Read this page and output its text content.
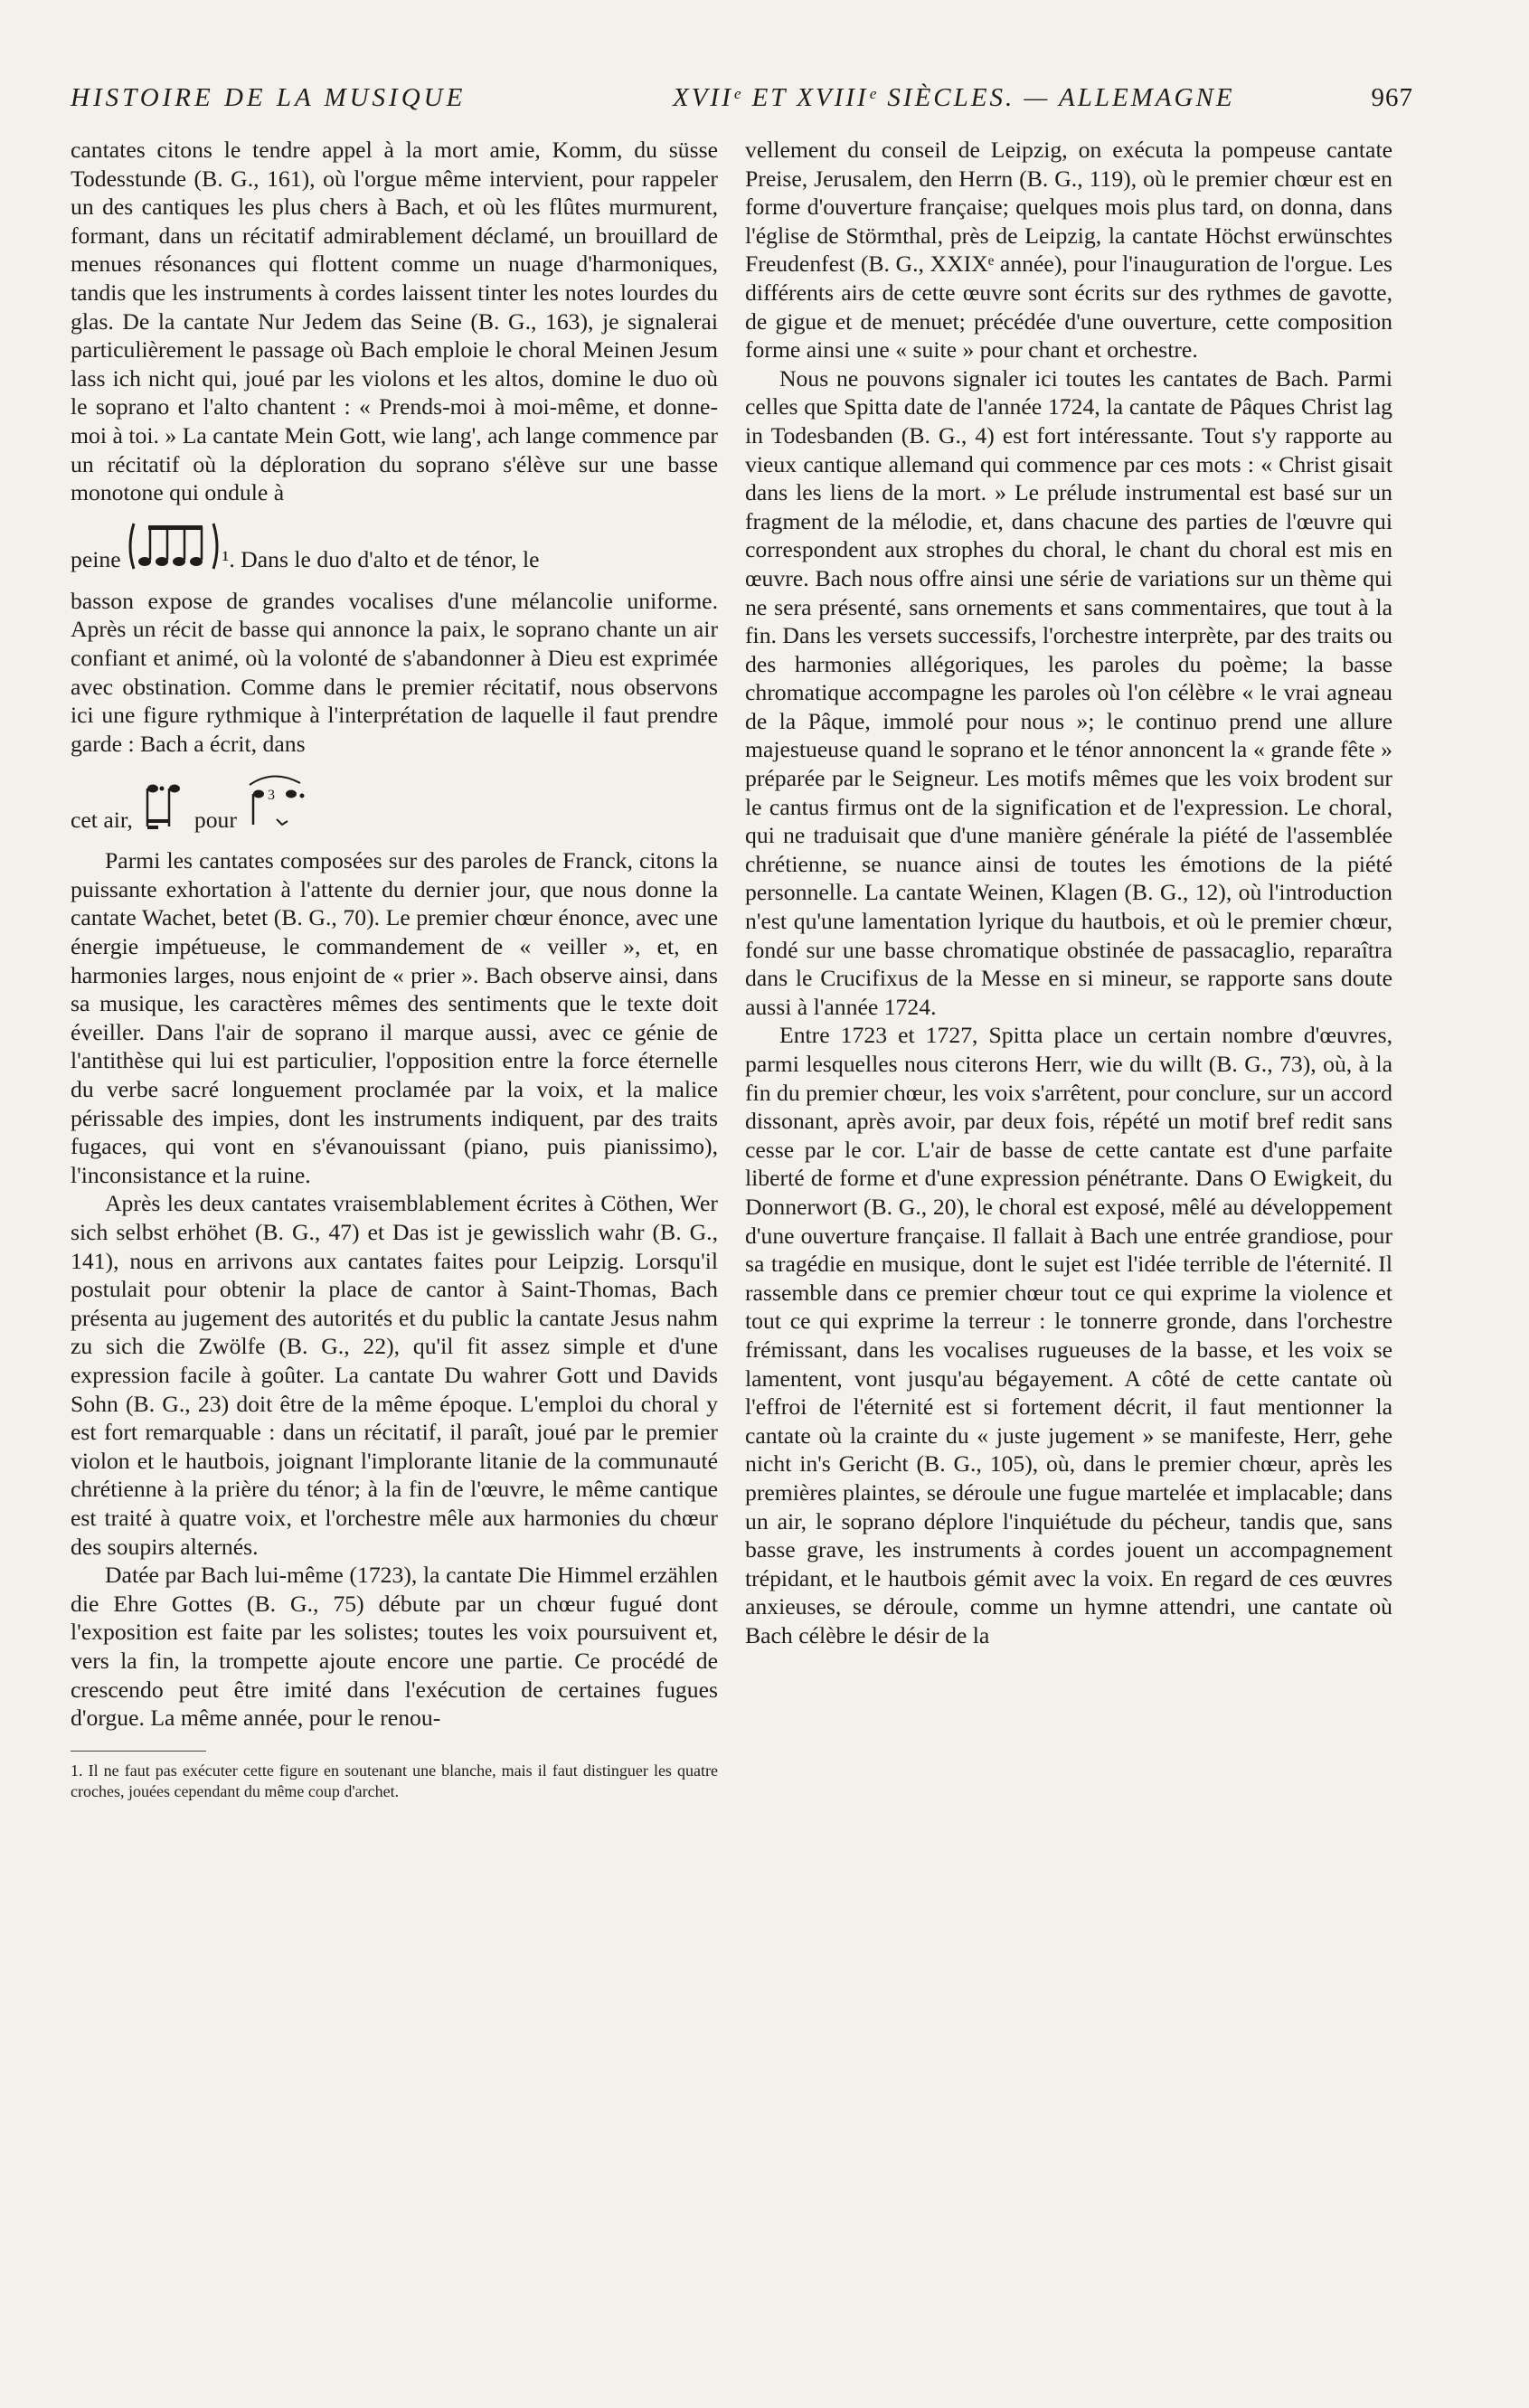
HISTOIRE DE LA MUSIQUE	XVIIᵉ ET XVIIIᵉ SIÈCLES. — ALLEMAGNE	967

cantates citons le tendre appel à la mort amie, Komm, du süsse Todesstunde (B. G., 161), où l'orgue même intervient, pour rappeler un des cantiques les plus chers à Bach, et où les flûtes murmurent, formant, dans un récitatif admirablement déclamé, un brouillard de menues résonances qui flottent comme un nuage d'harmoniques, tandis que les instruments à cordes laissent tinter les notes lourdes du glas. De la cantate Nur Jedem das Seine (B. G., 163), je signalerai particulièrement le passage où Bach emploie le choral Meinen Jesum lass ich nicht qui, joué par les violons et les altos, domine le duo où le soprano et l'alto chantent : « Prends-moi à moi-même, et donne-moi à toi. » La cantate Mein Gott, wie lang', ach lange commence par un récitatif où la déploration du soprano s'élève sur une basse monotone qui ondule à

peine	¹. Dans le duo d'alto et de ténor, le

basson expose de grandes vocalises d'une mélancolie uniforme. Après un récit de basse qui annonce la paix, le soprano chante un air confiant et animé, où la volonté de s'abandonner à Dieu est exprimée avec obstination. Comme dans le premier récitatif, nous observons ici une figure rythmique à l'interprétation de laquelle il faut prendre garde : Bach a écrit, dans

cet air,	pour
3

Parmi les cantates composées sur des paroles de Franck, citons la puissante exhortation à l'attente du dernier jour, que nous donne la cantate Wachet, betet (B. G., 70). Le premier chœur énonce, avec une énergie impétueuse, le commandement de « veiller », et, en harmonies larges, nous enjoint de « prier ». Bach observe ainsi, dans sa musique, les caractères mêmes des sentiments que le texte doit éveiller. Dans l'air de soprano il marque aussi, avec ce génie de l'antithèse qui lui est particulier, l'opposition entre la force éternelle du verbe sacré longuement proclamée par la voix, et la malice périssable des impies, dont les instruments indiquent, par des traits fugaces, qui vont en s'évanouissant (piano, puis pianissimo), l'inconsistance et la ruine.

Après les deux cantates vraisemblablement écrites à Cöthen, Wer sich selbst erhöhet (B. G., 47) et Das ist je gewisslich wahr (B. G., 141), nous en arrivons aux cantates faites pour Leipzig. Lorsqu'il postulait pour obtenir la place de cantor à Saint-Thomas, Bach présenta au jugement des autorités et du public la cantate Jesus nahm zu sich die Zwölfe (B. G., 22), qu'il fit assez simple et d'une expression facile à goûter. La cantate Du wahrer Gott und Davids Sohn (B. G., 23) doit être de la même époque. L'emploi du choral y est fort remarquable : dans un récitatif, il paraît, joué par le premier violon et le hautbois, joignant l'implorante litanie de la communauté chrétienne à la prière du ténor; à la fin de l'œuvre, le même cantique est traité à quatre voix, et l'orchestre mêle aux harmonies du chœur des soupirs alternés.

Datée par Bach lui-même (1723), la cantate Die Himmel erzählen die Ehre Gottes (B. G., 75) débute par un chœur fugué dont l'exposition est faite par les solistes; toutes les voix poursuivent et, vers la fin, la trompette ajoute encore une partie. Ce procédé de crescendo peut être imité dans l'exécution de certaines fugues d'orgue. La même année, pour le renou-

1. Il ne faut pas exécuter cette figure en soutenant une blanche, mais il faut distinguer les quatre croches, jouées cependant du même coup d'archet.

vellement du conseil de Leipzig, on exécuta la pompeuse cantate Preise, Jerusalem, den Herrn (B. G., 119), où le premier chœur est en forme d'ouverture française; quelques mois plus tard, on donna, dans l'église de Störmthal, près de Leipzig, la cantate Höchst erwünschtes Freudenfest (B. G., XXIXᵉ année), pour l'inauguration de l'orgue. Les différents airs de cette œuvre sont écrits sur des rythmes de gavotte, de gigue et de menuet; précédée d'une ouverture, cette composition forme ainsi une « suite » pour chant et orchestre.

Nous ne pouvons signaler ici toutes les cantates de Bach. Parmi celles que Spitta date de l'année 1724, la cantate de Pâques Christ lag in Todesbanden (B. G., 4) est fort intéressante. Tout s'y rapporte au vieux cantique allemand qui commence par ces mots : « Christ gisait dans les liens de la mort. » Le prélude instrumental est basé sur un fragment de la mélodie, et, dans chacune des parties de l'œuvre qui correspondent aux strophes du choral, le chant du choral est mis en œuvre. Bach nous offre ainsi une série de variations sur un thème qui ne sera présenté, sans ornements et sans commentaires, que tout à la fin. Dans les versets successifs, l'orchestre interprète, par des traits ou des harmonies allégoriques, les paroles du poème; la basse chromatique accompagne les paroles où l'on célèbre « le vrai agneau de la Pâque, immolé pour nous »; le continuo prend une allure majestueuse quand le soprano et le ténor annoncent la « grande fête » préparée par le Seigneur. Les motifs mêmes que les voix brodent sur le cantus firmus ont de la signification et de l'expression. Le choral, qui ne traduisait que d'une manière générale la piété de l'assemblée chrétienne, se nuance ainsi de toutes les émotions de la piété personnelle. La cantate Weinen, Klagen (B. G., 12), où l'introduction n'est qu'une lamentation lyrique du hautbois, et où le premier chœur, fondé sur une basse chromatique obstinée de passacaglio, reparaîtra dans le Crucifixus de la Messe en si mineur, se rapporte sans doute aussi à l'année 1724.

Entre 1723 et 1727, Spitta place un certain nombre d'œuvres, parmi lesquelles nous citerons Herr, wie du willt (B. G., 73), où, à la fin du premier chœur, les voix s'arrêtent, pour conclure, sur un accord dissonant, après avoir, par deux fois, répété un motif bref redit sans cesse par le cor. L'air de basse de cette cantate est d'une parfaite liberté de forme et d'une expression pénétrante. Dans O Ewigkeit, du Donnerwort (B. G., 20), le choral est exposé, mêlé au développement d'une ouverture française. Il fallait à Bach une entrée grandiose, pour sa tragédie en musique, dont le sujet est l'idée terrible de l'éternité. Il rassemble dans ce premier chœur tout ce qui exprime la violence et tout ce qui exprime la terreur : le tonnerre gronde, dans l'orchestre frémissant, dans les vocalises rugueuses de la basse, et les voix se lamentent, vont jusqu'au bégayement. A côté de cette cantate où l'effroi de l'éternité est si fortement décrit, il faut mentionner la cantate où la crainte du « juste jugement » se manifeste, Herr, gehe nicht in's Gericht (B. G., 105), où, dans le premier chœur, après les premières plaintes, se déroule une fugue martelée et implacable; dans un air, le soprano déplore l'inquiétude du pécheur, tandis que, sans basse grave, les instruments à cordes jouent un accompagnement trépidant, et le hautbois gémit avec la voix. En regard de ces œuvres anxieuses, se déroule, comme un hymne attendri, une cantate où Bach célèbre le désir de la
